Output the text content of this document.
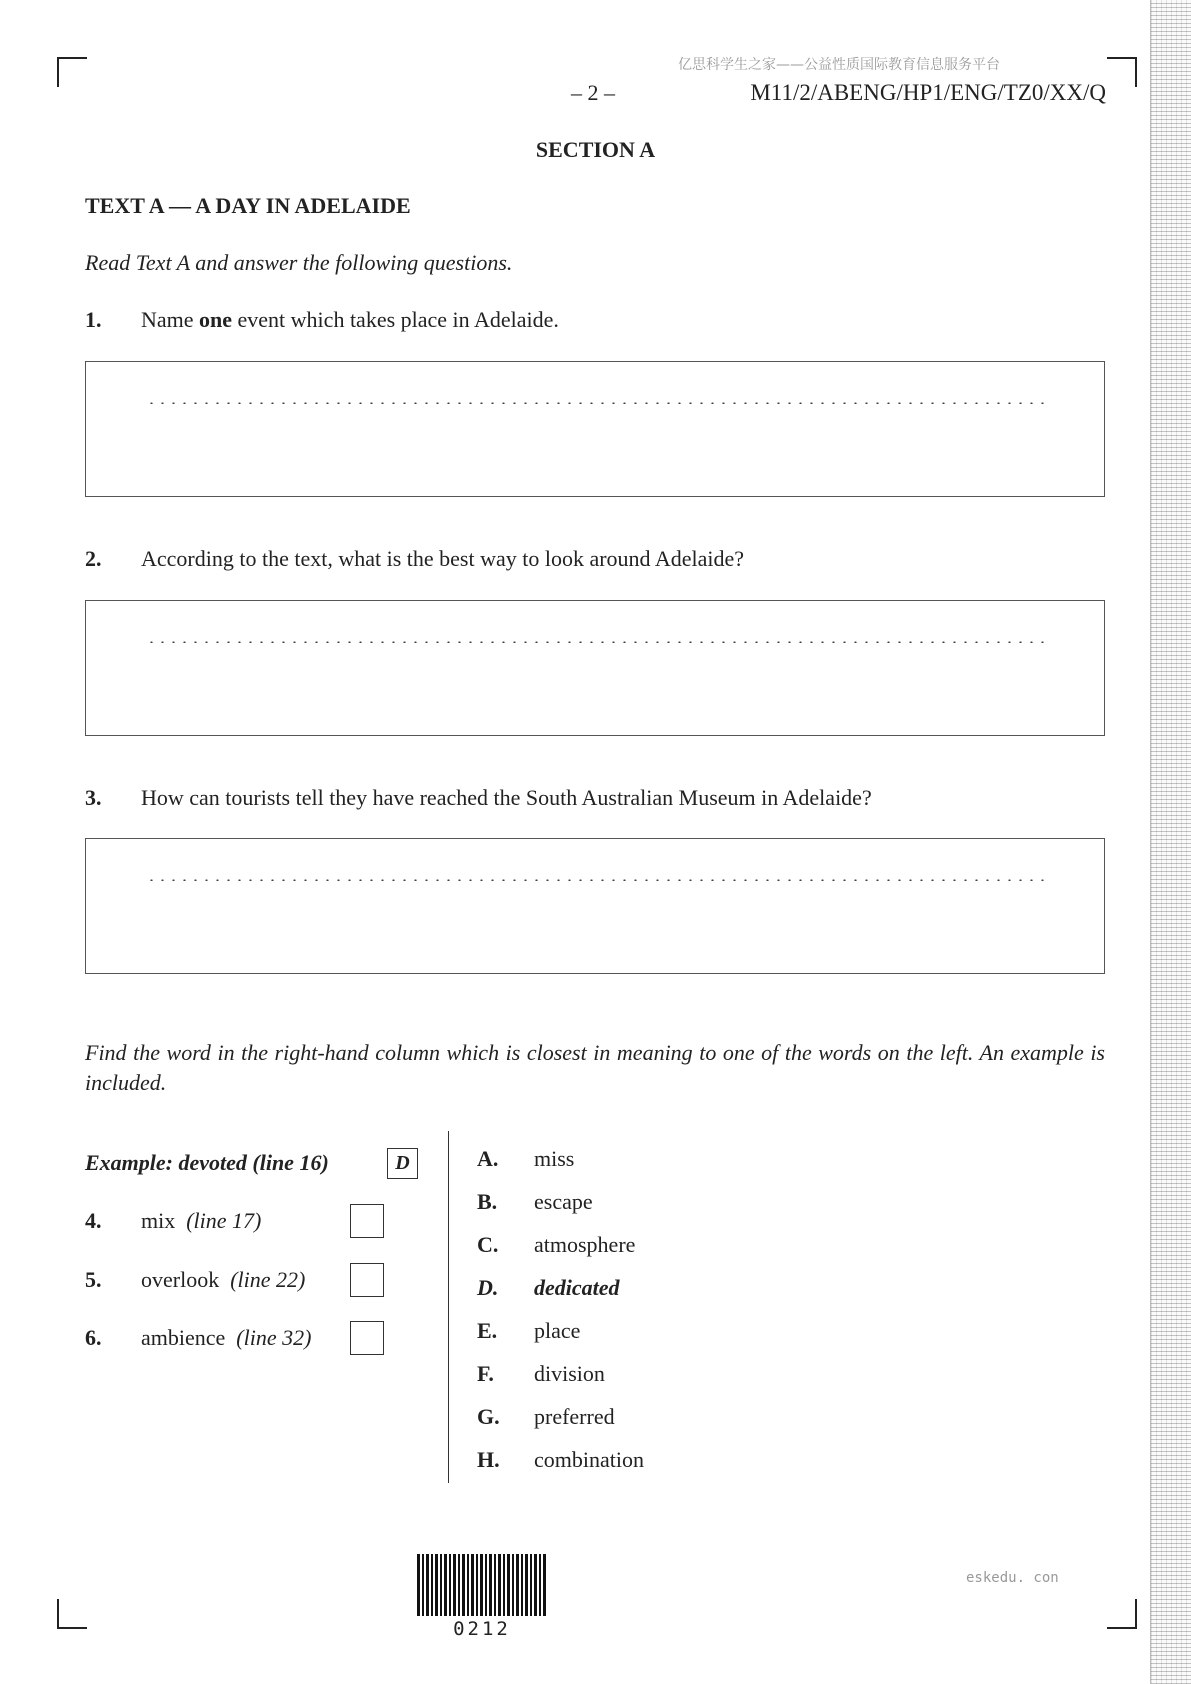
亿思科学生之家——公益性质国际教育信息服务平台
– 2 –	M11/2/ABENG/HP1/ENG/TZ0/XX/Q
SECTION A
TEXT A — A DAY IN ADELAIDE
Read Text A and answer the following questions.
1. Name one event which takes place in Adelaide.
2. According to the text, what is the best way to look around Adelaide?
3. How can tourists tell they have reached the South Australian Museum in Adelaide?
Find the word in the right-hand column which is closest in meaning to one of the words on the left. An example is included.
Example: devoted (line 16)	D
4. mix (line 17)
5. overlook (line 22)
6. ambience (line 32)
A. miss
B. escape
C. atmosphere
D. dedicated
E. place
F. division
G. preferred
H. combination
0212
eskedu. con
